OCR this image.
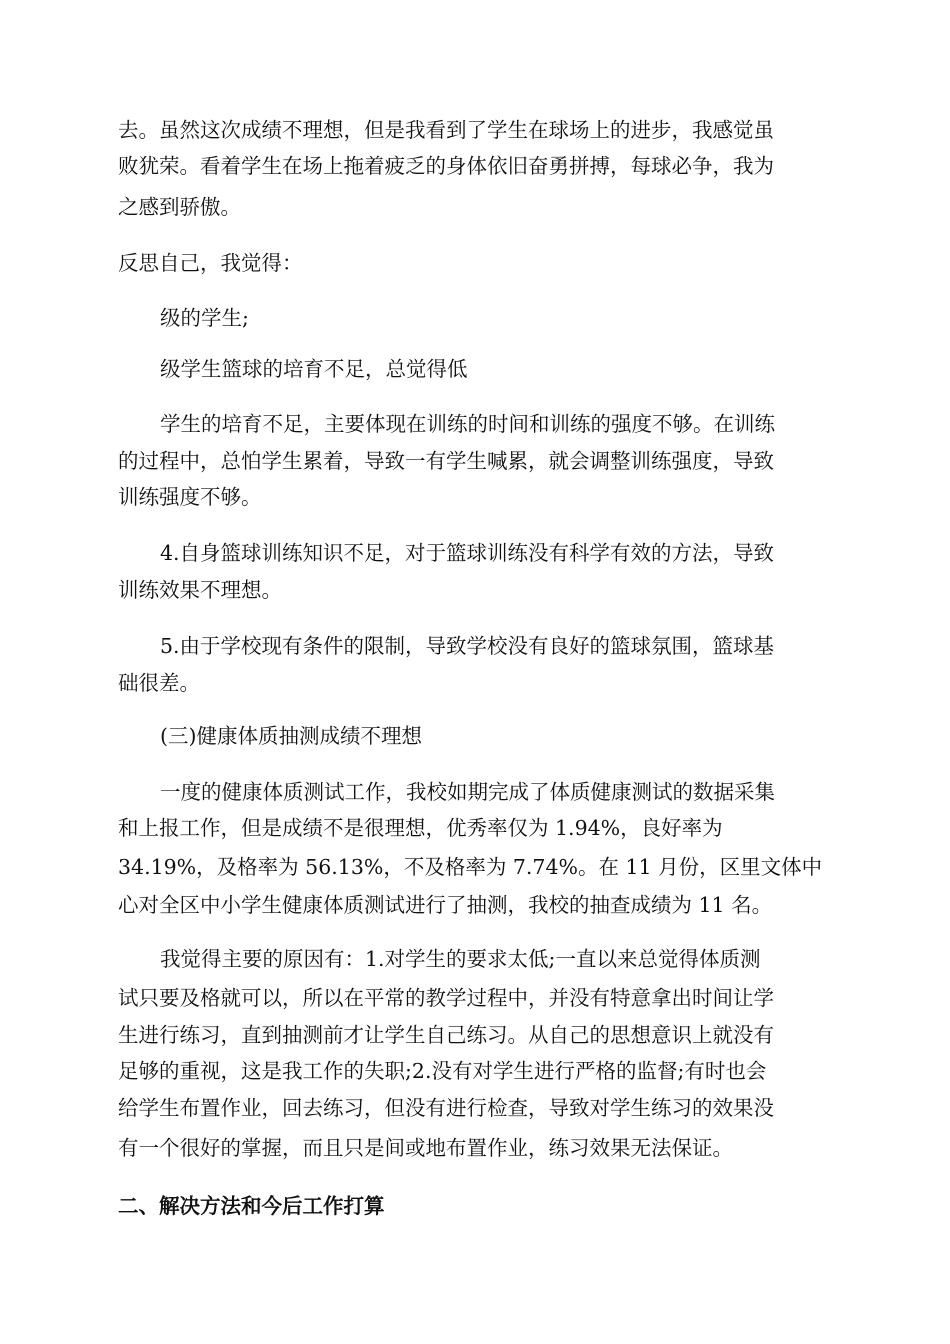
去。虽然这次成绩不理想，但是我看到了学生在球场上的进步，我感觉虽

败犹荣。看着学生在场上拖着疲乏的身体依旧奋勇拼搏，每球必争，我为

之感到骄傲。

反思自己，我觉得：

级的学生;

级学生篮球的培育不足，总觉得低

学生的培育不足，主要体现在训练的时间和训练的强度不够。在训练

的过程中，总怕学生累着，导致一有学生喊累，就会调整训练强度，导致

训练强度不够。

4.自身篮球训练知识不足，对于篮球训练没有科学有效的方法，导致

训练效果不理想。

5.由于学校现有条件的限制，导致学校没有良好的篮球氛围，篮球基

础很差。

(三)健康体质抽测成绩不理想

一度的健康体质测试工作，我校如期完成了体质健康测试的数据采集

和上报工作，但是成绩不是很理想，优秀率仅为 1.94%，良好率为

34.19%，及格率为 56.13%，不及格率为 7.74%。在 11 月份，区里文体中

心对全区中小学生健康体质测试进行了抽测，我校的抽查成绩为 11 名。

我觉得主要的原因有：1.对学生的要求太低;一直以来总觉得体质测

试只要及格就可以，所以在平常的教学过程中，并没有特意拿出时间让学

生进行练习，直到抽测前才让学生自己练习。从自己的思想意识上就没有

足够的重视，这是我工作的失职;2.没有对学生进行严格的监督;有时也会

给学生布置作业，回去练习，但没有进行检查，导致对学生练习的效果没

有一个很好的掌握，而且只是间或地布置作业，练习效果无法保证。

二、解决方法和今后工作打算
